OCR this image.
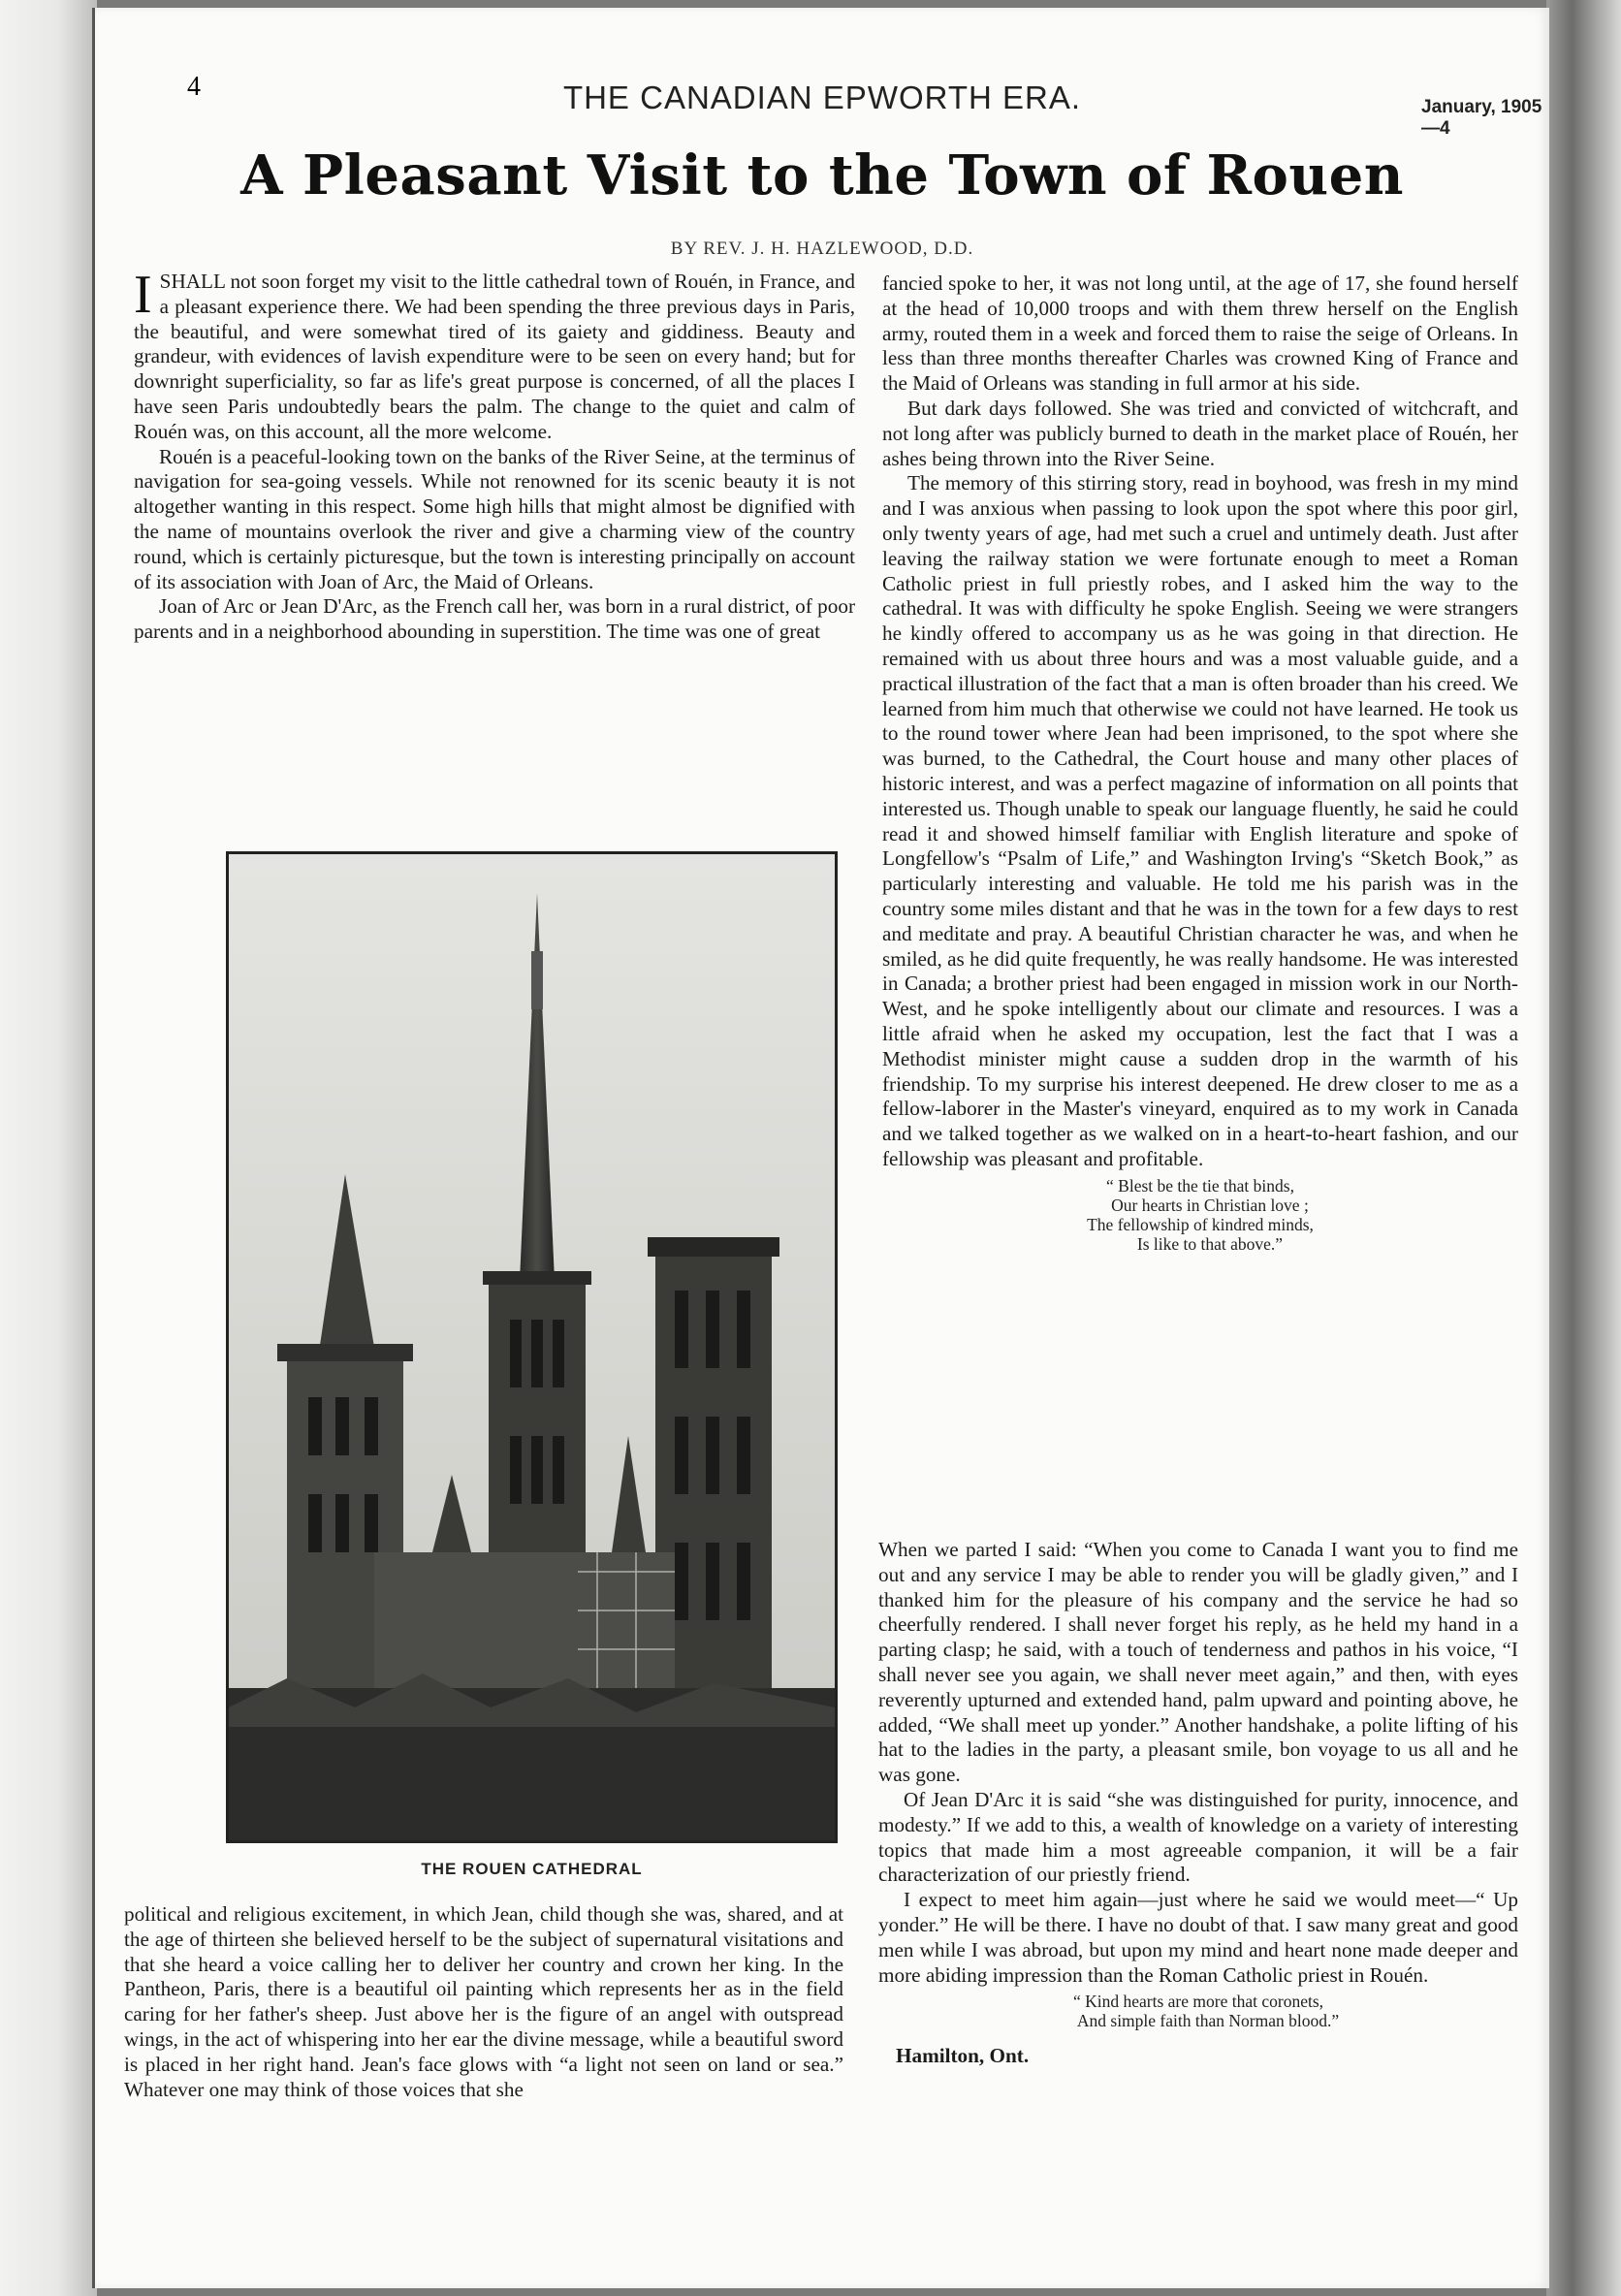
4	THE CANADIAN EPWORTH ERA.	January, 1905—4
A Pleasant Visit to the Town of Rouen
BY REV. J. H. HAZLEWOOD, D.D.

ISHALL not soon forget my visit to the little cathedral town of Rouén, in France, and a pleasant experience there. We had been spending the three previous days in Paris, the beautiful, and were somewhat tired of its gaiety and giddiness. Beauty and grandeur, with evidences of lavish expenditure were to be seen on every hand; but for downright superficiality, so far as life's great purpose is concerned, of all the places I have seen Paris undoubtedly bears the palm. The change to the quiet and calm of Rouén was, on this account, all the more welcome.

Rouén is a peaceful-looking town on the banks of the River Seine, at the terminus of navigation for sea-going vessels. While not renowned for its scenic beauty it is not altogether wanting in this respect. Some high hills that might almost be dignified with the name of mountains overlook the river and give a charming view of the country round, which is certainly picturesque, but the town is interesting principally on account of its association with Joan of Arc, the Maid of Orleans.

Joan of Arc or Jean D'Arc, as the French call her, was born in a rural district, of poor parents and in a neighborhood abounding in superstition. The time was one of great

THE ROUEN CATHEDRAL

political and religious excitement, in which Jean, child though she was, shared, and at the age of thirteen she believed herself to be the subject of supernatural visitations and that she heard a voice calling her to deliver her country and crown her king. In the Pantheon, Paris, there is a beautiful oil painting which represents her as in the field caring for her father's sheep. Just above her is the figure of an angel with outspread wings, in the act of whispering into her ear the divine message, while a beautiful sword is placed in her right hand. Jean's face glows with “a light not seen on land or sea.” Whatever one may think of those voices that she

fancied spoke to her, it was not long until, at the age of 17, she found herself at the head of 10,000 troops and with them threw herself on the English army, routed them in a week and forced them to raise the seige of Orleans. In less than three months thereafter Charles was crowned King of France and the Maid of Orleans was standing in full armor at his side.

But dark days followed. She was tried and convicted of witchcraft, and not long after was publicly burned to death in the market place of Rouén, her ashes being thrown into the River Seine.

The memory of this stirring story, read in boyhood, was fresh in my mind and I was anxious when passing to look upon the spot where this poor girl, only twenty years of age, had met such a cruel and untimely death. Just after leaving the railway station we were fortunate enough to meet a Roman Catholic priest in full priestly robes, and I asked him the way to the cathedral. It was with difficulty he spoke English. Seeing we were strangers he kindly offered to accompany us as he was going in that direction. He remained with us about three hours and was a most valuable guide, and a practical illustration of the fact that a man is often broader than his creed. We learned from him much that otherwise we could not have learned. He took us to the round tower where Jean had been imprisoned, to the spot where she was burned, to the Cathedral, the Court house and many other places of historic interest, and was a perfect magazine of information on all points that interested us. Though unable to speak our language fluently, he said he could read it and showed himself familiar with English literature and spoke of Longfellow's “Psalm of Life,” and Washington Irving's “Sketch Book,” as particularly interesting and valuable. He told me his parish was in the country some miles distant and that he was in the town for a few days to rest and meditate and pray. A beautiful Christian character he was, and when he smiled, as he did quite frequently, he was really handsome. He was interested in Canada; a brother priest had been engaged in mission work in our North-West, and he spoke intelligently about our climate and resources. I was a little afraid when he asked my occupation, lest the fact that I was a Methodist minister might cause a sudden drop in the warmth of his friendship. To my surprise his interest deepened. He drew closer to me as a fellow-laborer in the Master's vineyard, enquired as to my work in Canada and we talked together as we walked on in a heart-to-heart fashion, and our fellowship was pleasant and profitable.

“ Blest be the tie that binds,
Our hearts in Christian love ;
The fellowship of kindred minds,
Is like to that above.”

When we parted I said: “When you come to Canada I want you to find me out and any service I may be able to render you will be gladly given,” and I thanked him for the pleasure of his company and the service he had so cheerfully rendered. I shall never forget his reply, as he held my hand in a parting clasp; he said, with a touch of tenderness and pathos in his voice, “I shall never see you again, we shall never meet again,” and then, with eyes reverently upturned and extended hand, palm upward and pointing above, he added, “We shall meet up yonder.” Another handshake, a polite lifting of his hat to the ladies in the party, a pleasant smile, bon voyage to us all and he was gone.

Of Jean D'Arc it is said “she was distinguished for purity, innocence, and modesty.” If we add to this, a wealth of knowledge on a variety of interesting topics that made him a most agreeable companion, it will be a fair characterization of our priestly friend.

I expect to meet him again—just where he said we would meet—“ Up yonder.” He will be there. I have no doubt of that. I saw many great and good men while I was abroad, but upon my mind and heart none made deeper and more abiding impression than the Roman Catholic priest in Rouén.

“ Kind hearts are more that coronets,
And simple faith than Norman blood.”

Hamilton, Ont.
